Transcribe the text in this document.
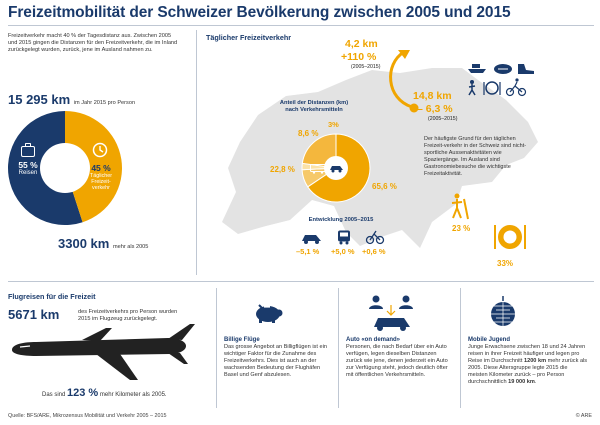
Freizeitmobilität der Schweizer Bevölkerung zwischen 2005 und 2015
Freizeitverkehr macht 40 % der Tagesdistanz aus. Zwischen 2005 und 2015 gingen die Distanzen für den Freizeitverkehr, die im Inland zurückgelegt wurden, zurück, jene im Ausland nahmen zu.
15 295 km im Jahr 2015 pro Person
55 %
Reisen	45 %
Täglicher Freizeit-verkehr
3300 km mehr als 2005
Täglicher Freizeitverkehr
4,2 km
+110 %
(2005–2015)
14,8 km
– 6,3 %
(2005–2015)
Anteil der Distanzen (km) nach Verkehrsmitteln
8,6 %
3%
22,8 %
65,6 %
Der häufigste Grund für den täglichen Freizeit-verkehr in der Schweiz sind nicht-sportliche Aussenaktivitäten wie Spaziergänge. Im Ausland sind Gastronomiebesuche die wichtigste Freizeitaktivität.
23 %
33%
Entwicklung 2005–2015
–5,1 % +5,0 % +0,6 %
Flugreisen für die Freizeit
5671 km	des Freizeitverkehrs pro Person wurden 2015 im Flugzeug zurückgelegt.
Das sind 123 % mehr Kilometer als 2005.
Billige Flüge
Das grosse Angebot an Billigflügen ist ein wichtiger Faktor für die Zunahme des Freizeitverkehrs. Dies ist auch an der wachsenden Bedeutung der Flughäfen Basel und Genf abzulesen.
Auto «on demand»
Personen, die nach Bedarf über ein Auto verfügen, legen dieselben Distanzen zurück wie jene, denen jederzeit ein Auto zur Verfügung steht, jedoch deutlich öfter mit öffentlichen Verkehrsmitteln.
Mobile Jugend
Junge Erwachsene zwischen 18 und 24 Jahren reisen in ihrer Freizeit häufiger und legen pro Reise im Durchschnitt 1200 km mehr zurück als 2005. Diese Altersgruppe legte 2015 die meisten Kilometer zurück – pro Person durchschnittlich 19 000 km.
Quelle: BFS/ARE, Mikrozensus Mobilität und Verkehr 2005 – 2015	© ARE
